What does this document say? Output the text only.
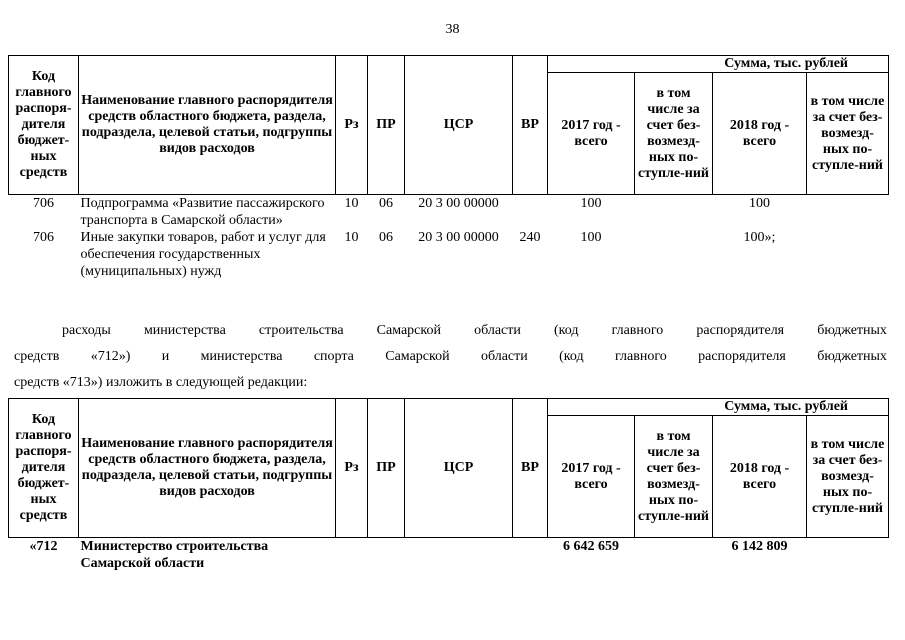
38
Код главного распоря-дителя бюджет-ных средств	Наименование главного распорядителя средств областного бюджета, раздела, подраздела, целевой статьи, подгруппы видов расходов	Рз	ПР	ЦСР	ВР	Сумма, тыс. рублей			
						2017 год - всего	в том числе за счет без-возмезд-ных по-ступле-ний	2018 год - всего	в том числе за счет без-возмезд-ных по-ступле-ний
706	Подпрограмма «Развитие пассажирского транспорта в Самарской области»	10	06	20 3 00 00000		100		100	
706	Иные закупки товаров, работ и услуг для обеспечения государственных (муниципальных) нужд	10	06	20 3 00 00000	240	100		100»;	
расходы министерства строительства Самарской области (код главного распорядителя бюджетных
средств «712») и министерства спорта Самарской области (код главного распорядителя бюджетных
средств «713») изложить в следующей редакции:
Код главного распоря-дителя бюджет-ных средств	Наименование главного распорядителя средств областного бюджета, раздела, подраздела, целевой статьи, подгруппы видов расходов	Рз	ПР	ЦСР	ВР	Сумма, тыс. рублей			
						2017 год - всего	в том числе за счет без-возмезд-ных по-ступле-ний	2018 год - всего	в том числе за счет без-возмезд-ных по-ступле-ний
«712	Министерство строительства Самарской области					6 642 659		6 142 809	
